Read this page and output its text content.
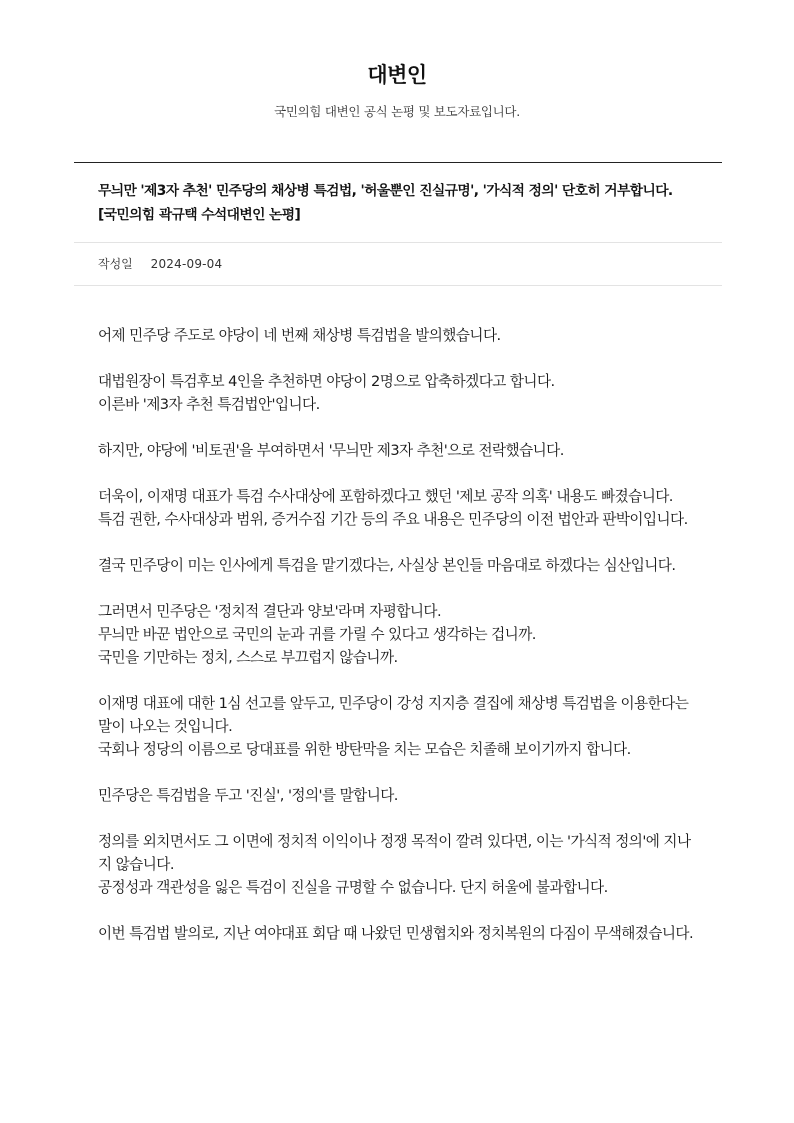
대변인
국민의힘 대변인 공식 논평 및 보도자료입니다.
무늬만 '제3자 추천' 민주당의 채상병 특검법, '허울뿐인 진실규명', '가식적 정의' 단호히 거부합니다. [국민의힘 곽규택 수석대변인 논평]
작성일 2024-09-04

어제 민주당 주도로 야당이 네 번째 채상병 특검법을 발의했습니다.

대법원장이 특검후보 4인을 추천하면 야당이 2명으로 압축하겠다고 합니다.
이른바 '제3자 추천 특검법안'입니다.

하지만, 야당에 '비토권'을 부여하면서 '무늬만 제3자 추천'으로 전락했습니다.

더욱이, 이재명 대표가 특검 수사대상에 포함하겠다고 했던 '제보 공작 의혹' 내용도 빠졌습니다.
특검 권한, 수사대상과 범위, 증거수집 기간 등의 주요 내용은 민주당의 이전 법안과 판박이입니다.

결국 민주당이 미는 인사에게 특검을 맡기겠다는, 사실상 본인들 마음대로 하겠다는 심산입니다.

그러면서 민주당은 '정치적 결단과 양보'라며 자평합니다.
무늬만 바꾼 법안으로 국민의 눈과 귀를 가릴 수 있다고 생각하는 겁니까.
국민을 기만하는 정치, 스스로 부끄럽지 않습니까.

이재명 대표에 대한 1심 선고를 앞두고, 민주당이 강성 지지층 결집에 채상병 특검법을 이용한다는 말이 나오는 것입니다.
국회나 정당의 이름으로 당대표를 위한 방탄막을 치는 모습은 치졸해 보이기까지 합니다.

민주당은 특검법을 두고 '진실', '정의'를 말합니다.

정의를 외치면서도 그 이면에 정치적 이익이나 정쟁 목적이 깔려 있다면, 이는 '가식적 정의'에 지나지 않습니다.
공정성과 객관성을 잃은 특검이 진실을 규명할 수 없습니다. 단지 허울에 불과합니다.

이번 특검법 발의로, 지난 여야대표 회담 때 나왔던 민생협치와 정치복원의 다짐이 무색해졌습니다.
